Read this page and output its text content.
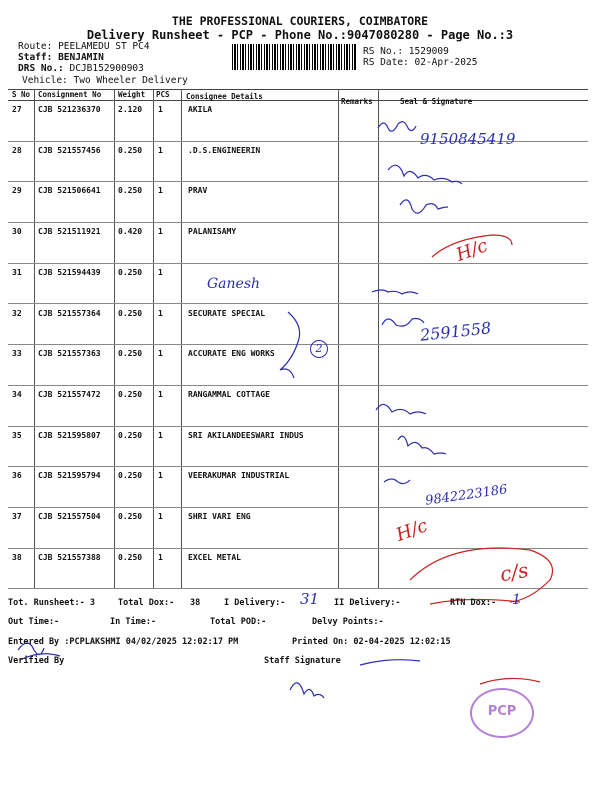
THE PROFESSIONAL COURIERS, COIMBATORE
Delivery Runsheet - PCP - Phone No.:9047080280 - Page No.:3
Route: PEELAMEDU ST PC4
Staff: BENJAMIN
DRS No.: DCJB152900903
Vehicle: Two Wheeler Delivery
RS No.: 1529009
RS Date: 02-Apr-2025
S No Consignment No Weight PCS Consignee Details
Remarks	Seal & Signature
27 CJB 521236370 2.120 1	AKILA
28 CJB 521557456 0.250 1	.D.S.ENGINEERIN
29 CJB 521506641 0.250 1	PRAV
30 CJB 521511921 0.420 1	PALANISAMY
31 CJB 521594439 0.250 1
32 CJB 521557364 0.250 1	SECURATE SPECIAL
33 CJB 521557363 0.250 1	ACCURATE ENG WORKS
34 CJB 521557472 0.250 1	RANGAMMAL COTTAGE
35 CJB 521595807 0.250 1	SRI AKILANDEESWARI INDUS
36 CJB 521595794 0.250 1	VEERAKUMAR INDUSTRIAL
37 CJB 521557504 0.250 1	SHRI VARI ENG
38 CJB 521557388 0.250 1	EXCEL METAL
Ganesh
9150845419
2591558
9842223186
H/c
H/c
c/s
2
PCP
Tot. Runsheet:- 3	Total Dox:- 38	I Delivery:- 31 II Delivery:-	RTN Dox:- 1
Out Time:-	In Time:-	Total POD:-	Delvy Points:-
Entered By :PCPLAKSHMI 04/02/2025 12:02:17 PM	Printed On: 02-04-2025 12:02:15
Verified By	Staff Signature
